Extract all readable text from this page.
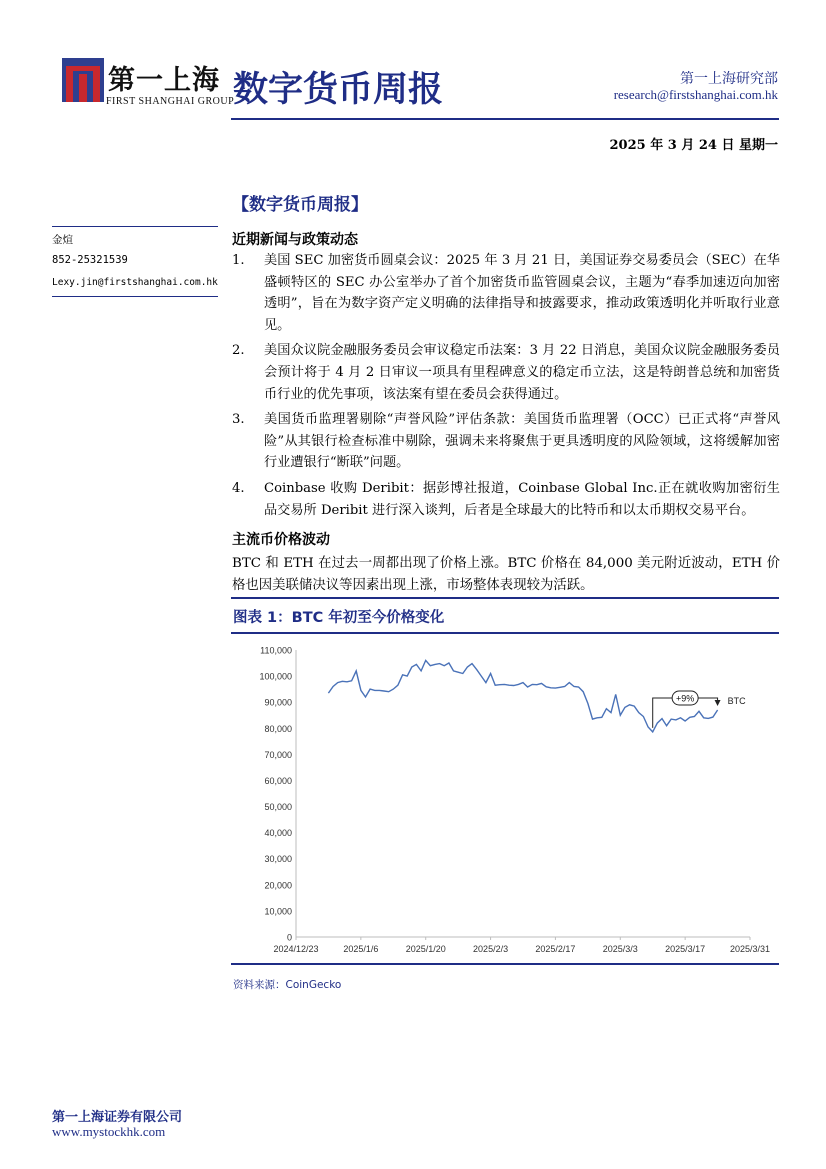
第一上海
FIRST SHANGHAI GROUP
数字货币周报	第一上海研究部
research@firstshanghai.com.hk
2025 年 3 月 24 日 星期一
金煊
852-25321539
Lexy.jin@firstshanghai.com.hk
【数字货币周报】
近期新闻与政策动态
1. 美国 SEC 加密货币圆桌会议：2025 年 3 月 21 日，美国证券交易委员会（SEC）在华盛顿特区的 SEC 办公室举办了首个加密货币监管圆桌会议，主题为“春季加速迈向加密透明”，旨在为数字资产定义明确的法律指导和披露要求，推动政策透明化并听取行业意见。
2. 美国众议院金融服务委员会审议稳定币法案：3 月 22 日消息，美国众议院金融服务委员会预计将于 4 月 2 日审议一项具有里程碑意义的稳定币立法，这是特朗普总统和加密货币行业的优先事项，该法案有望在委员会获得通过。
3. 美国货币监理署剔除“声誉风险”评估条款：美国货币监理署（OCC）已正式将“声誉风险”从其银行检查标准中剔除，强调未来将聚焦于更具透明度的风险领域，这将缓解加密行业遭银行“断联”问题。
4. Coinbase 收购 Deribit：据彭博社报道，Coinbase Global Inc.正在就收购加密衍生品交易所 Deribit 进行深入谈判，后者是全球最大的比特币和以太币期权交易平台。
主流币价格波动
BTC 和 ETH 在过去一周都出现了价格上涨。BTC 价格在 84,000 美元附近波动，ETH 价格也因美联储决议等因素出现上涨，市场整体表现较为活跃。
图表 1：BTC 年初至今价格变化
0
10,000
20,000
30,000
40,000
50,000
60,000
70,000
80,000
90,000
100,000
110,000
2024/12/23	2025/1/6	2025/1/20	2025/2/3	2025/2/17	2025/3/3	2025/3/17	2025/3/31
+9%	BTC
资料来源：CoinGecko
第一上海证券有限公司
www.mystockhk.com
